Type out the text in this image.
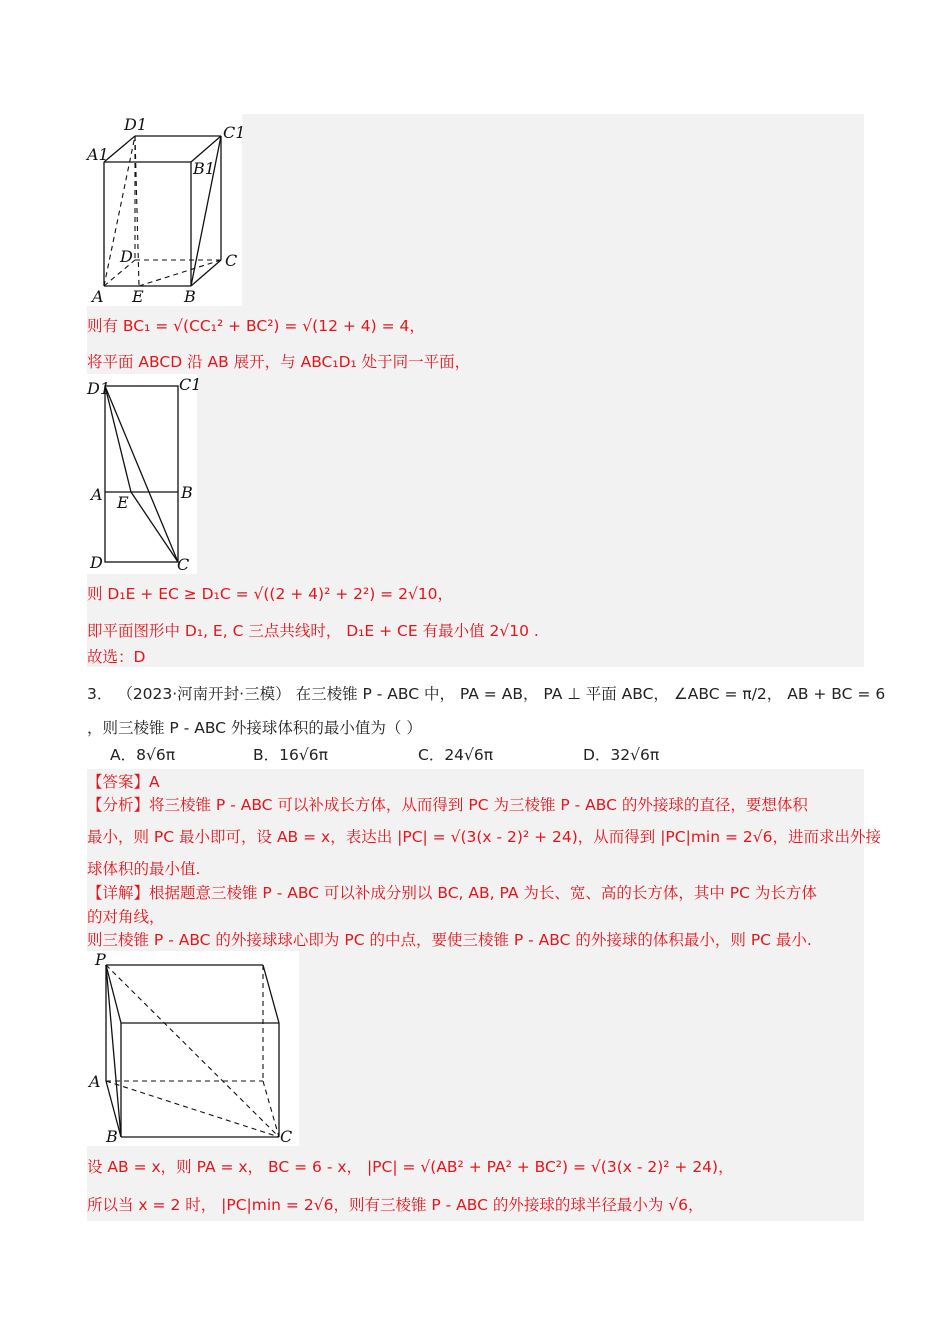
D1	C1
A1
B1
D	C
A E	B
则有 BC₁ = √(CC₁² + BC²) = √(12 + 4) = 4，
将平面 ABCD 沿 AB 展开，与 ABC₁D₁ 处于同一平面，
D1	C1
A E
B
D	C
则 D₁E + EC ≥ D₁C = √((2 + 4)² + 2²) = 2√10，
即平面图形中 D₁, E, C 三点共线时， D₁E + CE 有最小值 2√10 .
故选：D
3． （2023·河南开封·三模） 在三棱锥 P - ABC 中， PA = AB， PA ⊥ 平面 ABC， ∠ABC = π/2， AB + BC = 6
，则三棱锥 P - ABC 外接球体积的最小值为（ ）
A．8√6π	B．16√6π	C．24√6π	D．32√6π
【答案】A
【分析】将三棱锥 P - ABC 可以补成长方体，从而得到 PC 为三棱锥 P - ABC 的外接球的直径，要想体积
最小，则 PC 最小即可，设 AB = x，表达出 |PC| = √(3(x - 2)² + 24)，从而得到 |PC|min = 2√6，进而求出外接
球体积的最小值.
【详解】根据题意三棱锥 P - ABC 可以补成分别以 BC, AB, PA 为长、宽、高的长方体，其中 PC 为长方体
的对角线，
则三棱锥 P - ABC 的外接球球心即为 PC 的中点，要使三棱锥 P - ABC 的外接球的体积最小，则 PC 最小.
P
A
B	C
设 AB = x，则 PA = x， BC = 6 - x， |PC| = √(AB² + PA² + BC²) = √(3(x - 2)² + 24)，
所以当 x = 2 时， |PC|min = 2√6，则有三棱锥 P - ABC 的外接球的球半径最小为 √6，
